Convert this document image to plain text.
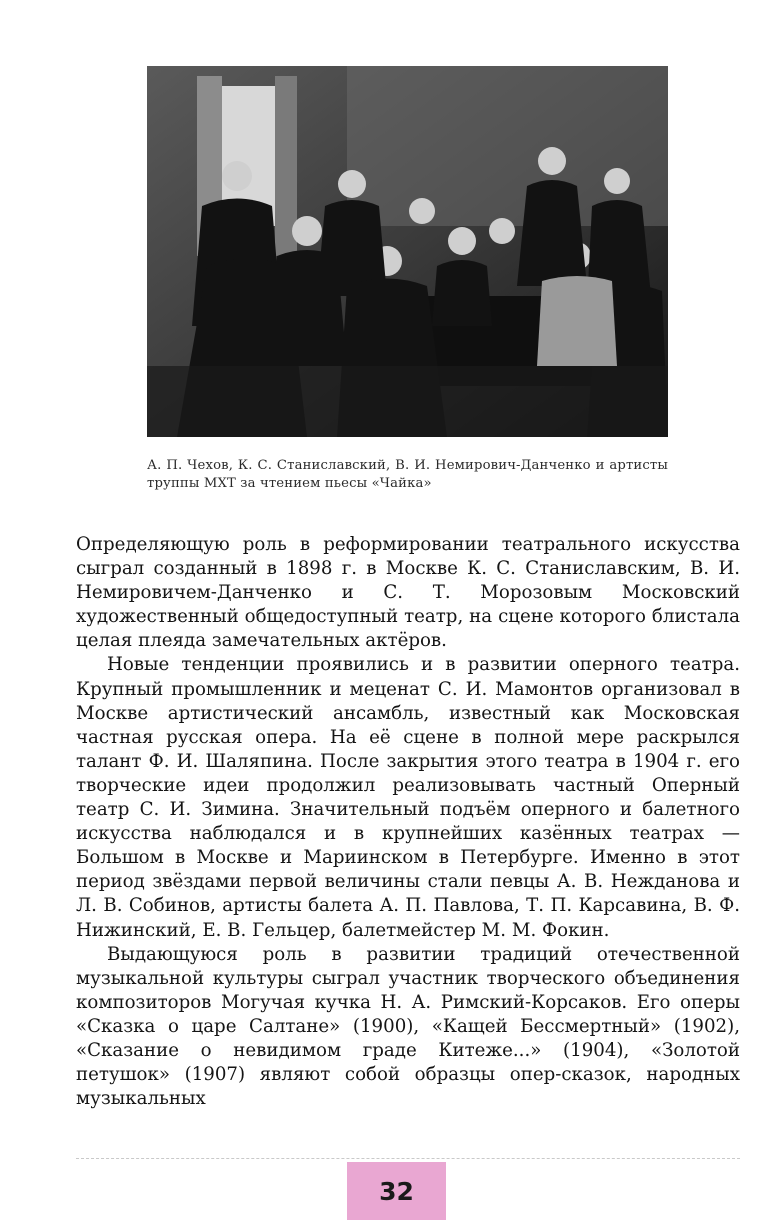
А. П. Чехов, К. С. Станиславский, В. И. Немирович-Данченко и артисты труппы МХТ за чтением пьесы «Чайка»

Определяющую роль в реформировании театрального искусства сыграл созданный в 1898 г. в Москве К. С. Станиславским, В. И. Немировичем-Данченко и С. Т. Морозовым Московский художественный общедоступный театр, на сцене которого блистала целая плеяда замечательных актёров.

Новые тенденции проявились и в развитии оперного театра. Крупный промышленник и меценат С. И. Мамонтов организовал в Москве артистический ансамбль, известный как Московская частная русская опера. На её сцене в полной мере раскрылся талант Ф. И. Шаляпина. После закрытия этого театра в 1904 г. его творческие идеи продолжил реализовывать частный Оперный театр С. И. Зимина. Значительный подъём оперного и балетного искусства наблюдался и в крупнейших казённых театрах — Большом в Москве и Мариинском в Петербурге. Именно в этот период звёздами первой величины стали певцы А. В. Нежданова и Л. В. Собинов, артисты балета А. П. Павлова, Т. П. Карсавина, В. Ф. Нижинский, Е. В. Гельцер, балетмейстер М. М. Фокин.

Выдающуюся роль в развитии традиций отечественной музыкальной культуры сыграл участник творческого объединения композиторов Могучая кучка Н. А. Римский-Корсаков. Его оперы «Сказка о царе Салтане» (1900), «Кащей Бессмертный» (1902), «Сказание о невидимом граде Китеже...» (1904), «Золотой петушок» (1907) являют собой образцы опер-сказок, народных музыкальных

32
